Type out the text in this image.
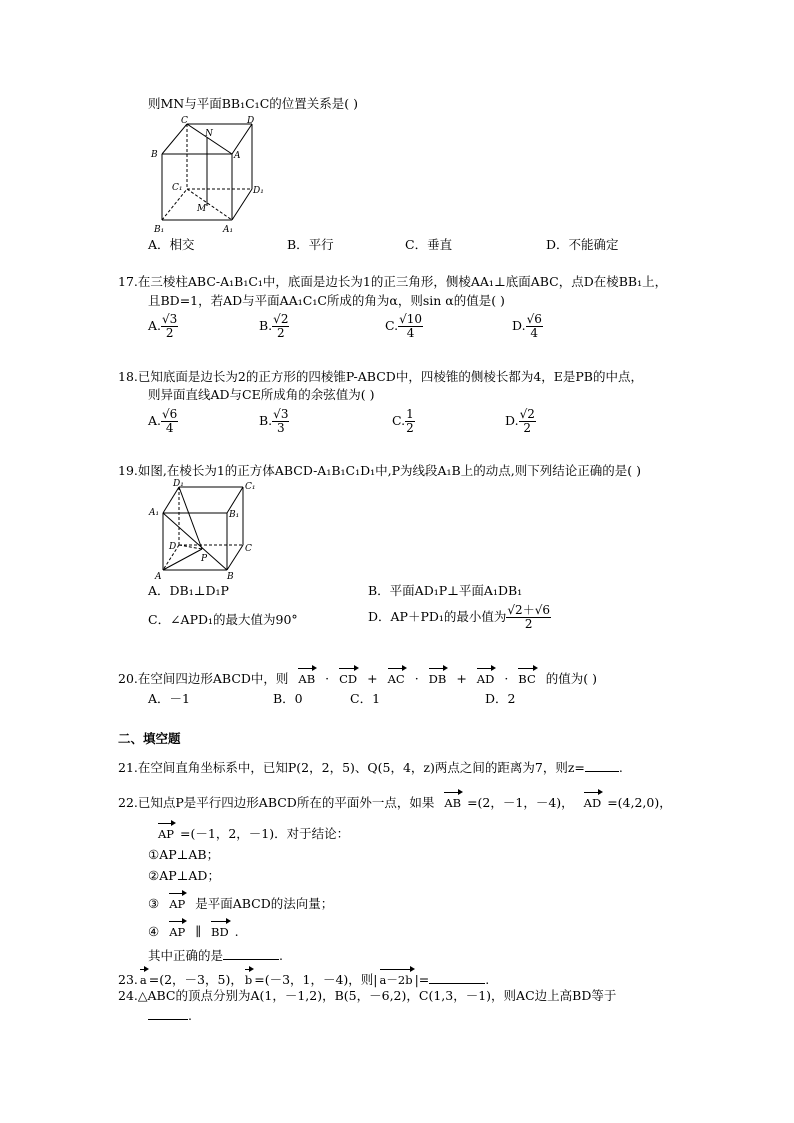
则MN与平面BB₁C₁C的位置关系是( )
C	D
N
B	A
C₁	D₁
M
B₁	A₁
A．相交	B．平行	C．垂直	D．不能确定
17.在三棱柱ABC-A₁B₁C₁中，底面是边长为1的正三角形，侧棱AA₁⊥底面ABC，点D在棱BB₁上，
且BD=1，若AD与平面AA₁C₁C所成的角为α，则sin α的值是( )
A. $\frac{√3}{2}$	B. $\frac{√2}{2}$	C. $\frac{√10}{4}$	D. $\frac{√6}{4}$
18.已知底面是边长为2的正方形的四棱锥P-ABCD中，四棱锥的侧棱长都为4，E是PB的中点，
则异面直线AD与CE所成角的余弦值为( )
A. $\frac{√6}{4}$	B. $\frac{√3}{3}$	C. $\frac{1}{2}$	D. $\frac{√2}{2}$
19.如图,在棱长为1的正方体ABCD-A₁B₁C₁D₁中,P为线段A₁B上的动点,则下列结论正确的是( )
D₁	C₁
A₁	B₁
D	C
P
A	B
A．DB₁⊥D₁P	B．平面AD₁P⊥平面A₁DB₁
C．∠APD₁的最大值为90°	D．AP＋PD₁的最小值为 $\frac{√2+√6}{2}$
20.在空间四边形ABCD中，则 AB · CD + AC · DB + AD · BC 的值为( )
A．－1	B．0	C．1	D．2
二、填空题
21.在空间直角坐标系中，已知P(2，2，5)、Q(5，4，z)两点之间的距离为7，则z=	.
22.已知点P是平行四边形ABCD所在的平面外一点，如果 AB =(2，－1，－4)， AD =(4,2,0)，
AP =(－1，2，－1)．对于结论：
①AP⊥AB；
②AP⊥AD；
③ AP 是平面ABCD的法向量；
④ AP ∥ BD .
其中正确的是	.
23. a =(2，－3，5)， b =(－3，1，－4)，则| a－2b |=	.
24.△ABC的顶点分别为A(1，－1,2)，B(5，－6,2)，C(1,3，－1)，则AC边上高BD等于
.
